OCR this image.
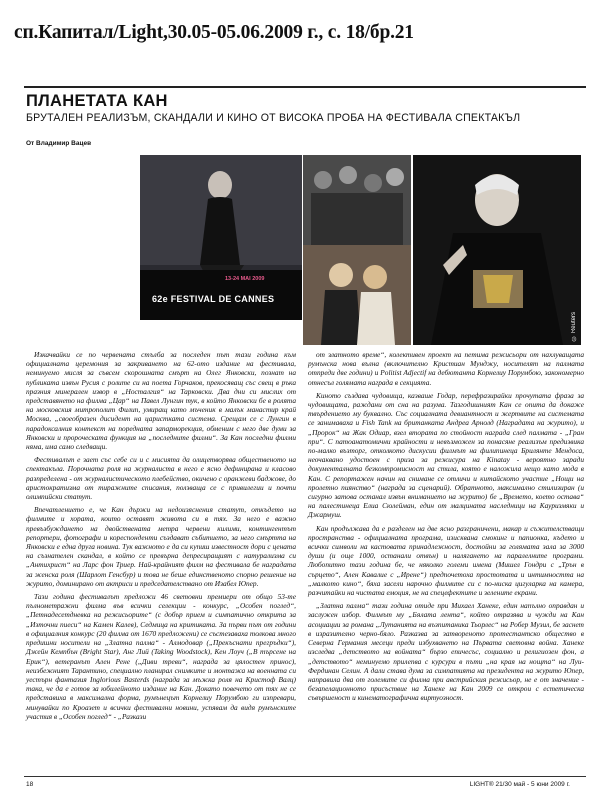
сп.Капитал/Light,30.05-05.06.2009 г., с. 18/бр.21
ПЛАНЕТАТА КАН
БРУТАЛЕН РЕАЛИЗЪМ, СКАНДАЛИ И КИНО ОТ ВИСОКА ПРОБА НА ФЕСТИВАЛА СПЕКТАКЪЛ
От Владимир Вацев
13-24 MAI 2009
62e FESTIVAL DE CANNES
© Reuters

Изкачвайки се по червената стълба за последен път тази година към официалната церемония за закриването на 62-ото издание на фестивала, неминуемо мисля за съвсем скорошната смърт на Олег Янковски, познат на публиката извън Русия с ролите си на поета Горчаков, прекосяващ със свещ в ръка празния минерален извор в „Носталгия“ на Тарковски. Два дни си мислих от представянето на филма „Цар“ на Павел Лунгин тук, в който Янковски бе в ролята на московския митрополит Филип, умиращ като мъченик в малък манастир край Москва, „своеобразен дисидент на царистката система. Срещам се с Лунгин в парадоксалния контекст на поредната запарморекция, обменим с него две думи за Янковски и пророческата функция на „последните филми“. За Кан последни филми няма, има само следващи.

Фестивалът е зает със себе си и с мисията да олицетворява общественото на спектакъла. Порочната роля на журналиста в него е ясно дефинирана и класово разпределена - от журналистическото плебейство, окичено с оранжеви баджове, до аристократизма от тиражните списания, ползваща се с привилегии и почти олимпийски статут.

Впечатлението е, че Кан държи на недоизяснения статут, откъдето на филмите и хората, които оставят живота си в тях. За него е важно превъзбуждането на двойствената метра червени килими, контингентът репортери, фотографи и кореспонденти създават събитието, за него смъртта на Янковски е една друга новина. Тук важното е да си купиш известност дори с цената на съзнателен скандал, в който се превърна депресиращият с натурализма си „Антихрист“ на Ларс фон Триер. Най-крайният филм на фестивала бе наградата за женска роля (Шарлот Генсбур) и това не беше единственото спорно решение на журито, доминирано от актриси и председателствано от Изабел Юпер.

Тази година фестивалът предложи 46 световни премиери от общо 53-те пълнометражни филма във всички селекции - конкурс, „Особен поглед“, „Петнадесетдневка на режисьорите“ (с добър прием и симпатично открита за „Източни пиеси“ на Камен Калев), Седмица на критиката. За първи път от години в официалния конкурс (20 филма от 1670 предложени) се състезаваха толкова много предишни носители на „Златна палма“ - Алмодовар („Прекъснати прегръдки“), Джейн Кемпбън (Bright Star), Анг Лий (Taking Woodstock), Кен Лоуч („В търсене на Ерик“), ветеранът Ален Рене („Диви треви“, награда за цялостен принос), неизбежният Тарантино, специално планирал снимките и монтажа на военната си уестърн фантазия Inglorious Basterds (награда за мъжка роля на Кристоф Валц) така, че да е готов за юбилейното издание на Кан. Докато повечето от тях не се представиха в максимална форма, румънецът Корнелиу Порумбою ги изпревари, минувайки по Кроазет и всички фестивални новини, успявам да видя румънските участия в „Особен поглед“ - „Разкази

от златното време“, колективен проект на петима режисьори от нахлуващата румънска нова вълна (включително Кристиан Мунджу, носителят на палмата отпреди две години) и Politist Adjectif на дебютанта Корнелиу Порумбою, закономерно отнесъл голямата награда в секцията.

Киното създава чудовища, казваше Годар, перефразирайки прочутата фраза за чудовищата, раждани от сна на разума. Тазгодишният Кан се опита да докаже твърдението му буквално. Със социалната девиантност и жертвите на системата се занимаваха и Fish Tank на британката Андреа Арнолд (Наградата на журито), и „Пророк“ на Жак Одиар, взел втората по стойност награда след палмата - „Гран при“. С патоанатомични крайности и невъзможен за понасяне реализъм предизвика по-малко възторг, отколкото дискусии филмът на филипинеца Брилянте Мендоса, неочаквано удостоен с приза за режисура на Kinatay - вероятно заради документалната безкомпромисност на стила, която е наложила нещо като мода в Кан. С репортажен начин на снимане се отличи и китайското участие „Нощи на пролетно пиянство“ (награда за сценарий). Обратното, максимално стилизиран (и сигурно затова останал извън вниманието на журито) бе „Времето, което остава“ на палестинеца Елиа Сюлейман, един от малцината наследници на Кауризмяки и Джармуш.

Кан продължава да е разделен на две ясно разграничени, макар и съжителстващи пространства - официалната програма, изисквана смокинг и папионка, където и всички символи на кастовата принадлежност, достойни за голямата зала за 3000 души (и още 1000, останали отвън) и налягането на паралелните програми. Любопитно тази година бе, че няколко големи имена (Мишел Гондри с „Трън в сърцето“, Ален Кавалие с „Ирене“) предпочетоха простотата и интимността на „малкото кино“, бяха засели нарочно филмите си с по-ниска цигуларка на камера, разчитайки на чистата емоция, не на спецефектите и зелените екрани.

„Златна палма“ тази година отиде при Михаел Ханеке, един напълно оправдан и заслужен избор. Филмът му „Бялата лента“, който отразява и чужди на Кан асоциации за романа „Лутанията на възпитаника Тьорлес“ на Робер Музил, бе заснет в изразително черно-бяло. Разказва за затвореното протестантско общество в Северна Германия месеци преди избухването на Първата световна война. Ханеке изследва „детството на войната“ бързо епичесъс, социално и религиозен фон, а „детството“ неминуемо прилепва с курсури в пъти „на края на нощта“ на Луи-Фердинан Селин. А дали става дума за симпатията на президента на журито Юпер, направила два от големите си филма при австрийския режисьор, не е от значение - безапелационното присъствие на Ханеке на Кан 2009 се открои с естетическа съвършеност и кинематографична виртуозност.

18	LIGHT® 21/30 май - 5 юни 2009 г.
